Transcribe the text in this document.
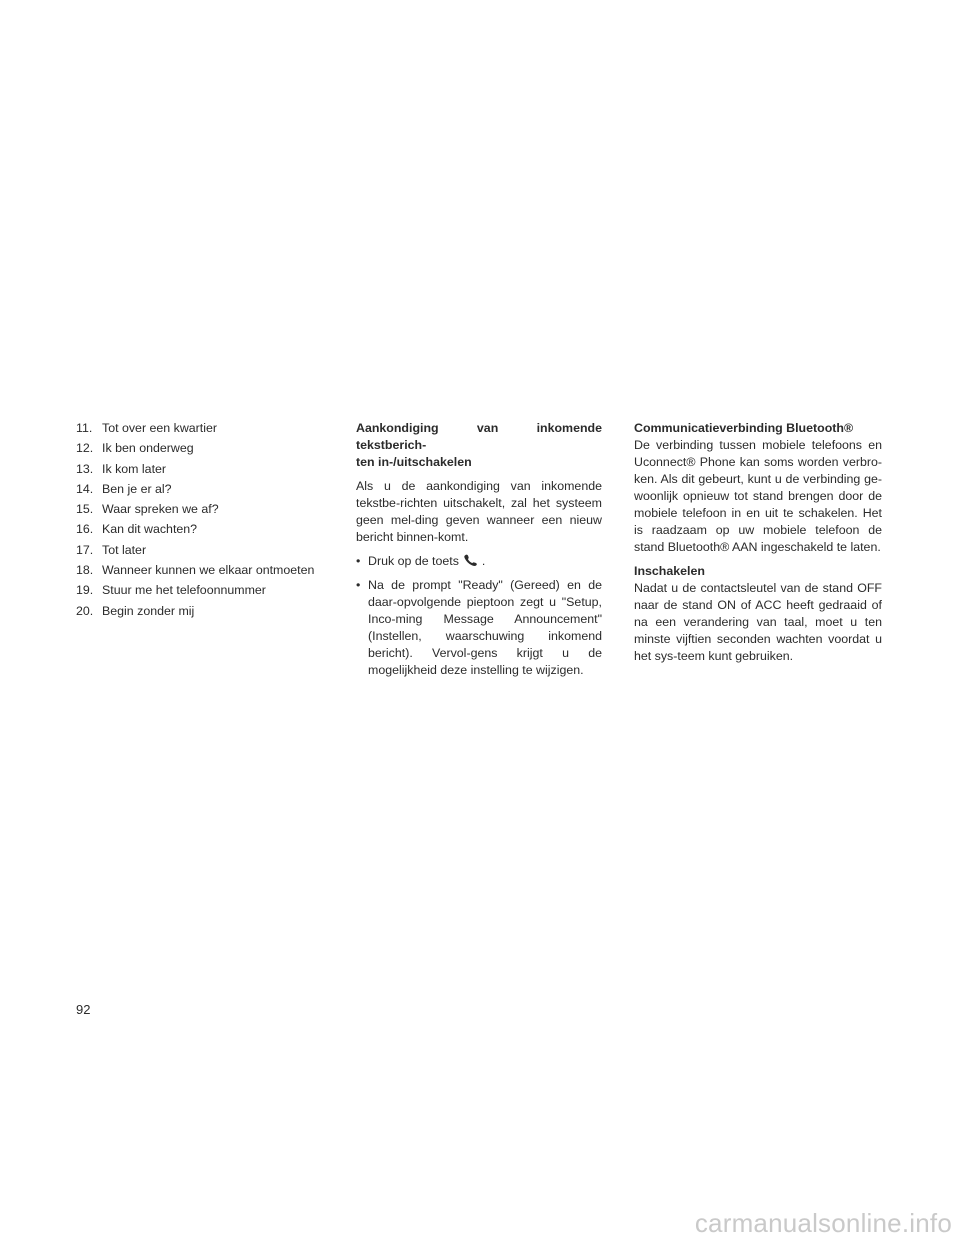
11. Tot over een kwartier
12. Ik ben onderweg
13. Ik kom later
14. Ben je er al?
15. Waar spreken we af?
16. Kan dit wachten?
17. Tot later
18. Wanneer kunnen we elkaar ontmoeten
19. Stuur me het telefoonnummer
20. Begin zonder mij

Aankondiging van inkomende tekstberich-

ten in-/uitschakelen

Als u de aankondiging van inkomende tekstbe-richten uitschakelt, zal het systeem geen mel-ding geven wanneer een nieuw bericht binnen-komt.

• Druk op de toets .
• Na de prompt "Ready" (Gereed) en de daar-opvolgende pieptoon zegt u "Setup, Inco-ming Message Announcement" (Instellen, waarschuwing inkomend bericht). Vervol-gens krijgt u de mogelijkheid deze instelling te wijzigen.

Communicatieverbinding Bluetooth®

De verbinding tussen mobiele telefoons en Uconnect® Phone kan soms worden verbro-ken. Als dit gebeurt, kunt u de verbinding ge-woonlijk opnieuw tot stand brengen door de mobiele telefoon in en uit te schakelen. Het is raadzaam op uw mobiele telefoon de stand Bluetooth® AAN ingeschakeld te laten.

Inschakelen

Nadat u de contactsleutel van de stand OFF naar de stand ON of ACC heeft gedraaid of na een verandering van taal, moet u ten minste vijftien seconden wachten voordat u het sys-teem kunt gebruiken.

92
carmanualsonline.info
